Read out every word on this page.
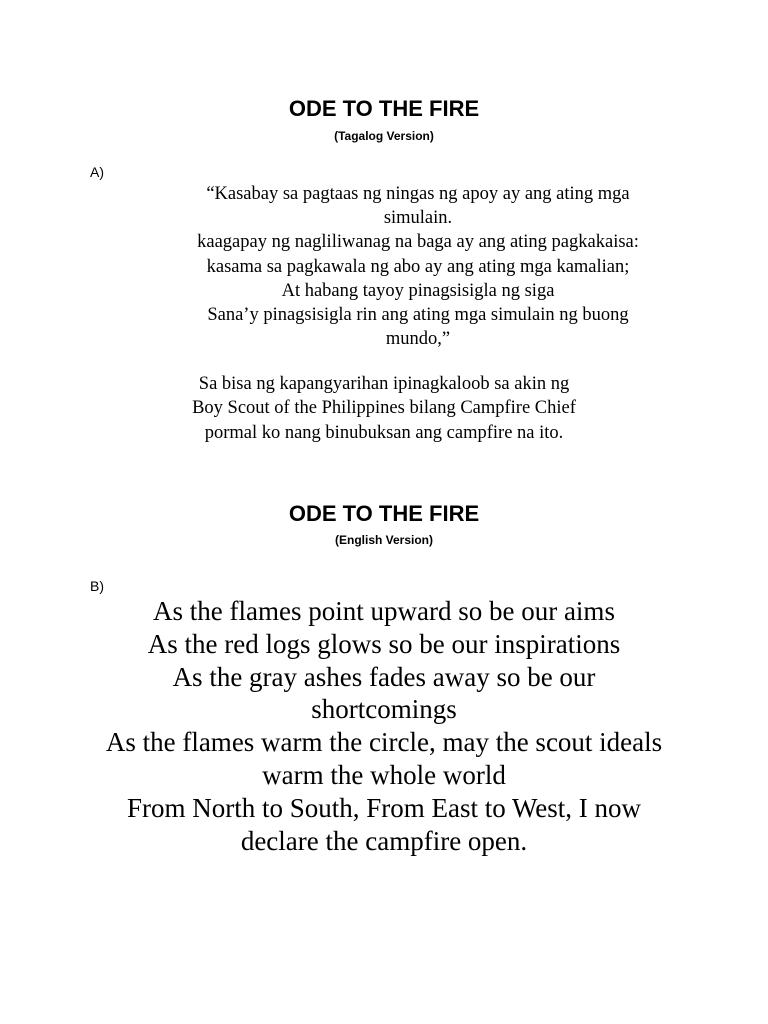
ODE TO THE FIRE
(Tagalog Version)
A)
“Kasabay sa pagtaas ng ningas ng apoy ay ang ating mga
simulain.
kaagapay ng nagliliwanag na baga ay ang ating pagkakaisa:
kasama sa pagkawala ng abo ay ang ating mga kamalian;
At habang tayoy pinagsisigla ng siga
Sana’y pinagsisigla rin ang ating mga simulain ng buong
mundo,”
Sa bisa ng kapangyarihan ipinagkaloob sa akin ng
Boy Scout of the Philippines bilang Campfire Chief
pormal ko nang binubuksan ang campfire na ito.
ODE TO THE FIRE
(English Version)
B)
As the flames point upward so be our aims
As the red logs glows so be our inspirations
As the gray ashes fades away so be our
shortcomings
As the flames warm the circle, may the scout ideals
warm the whole world
From North to South, From East to West, I now
declare the campfire open.
